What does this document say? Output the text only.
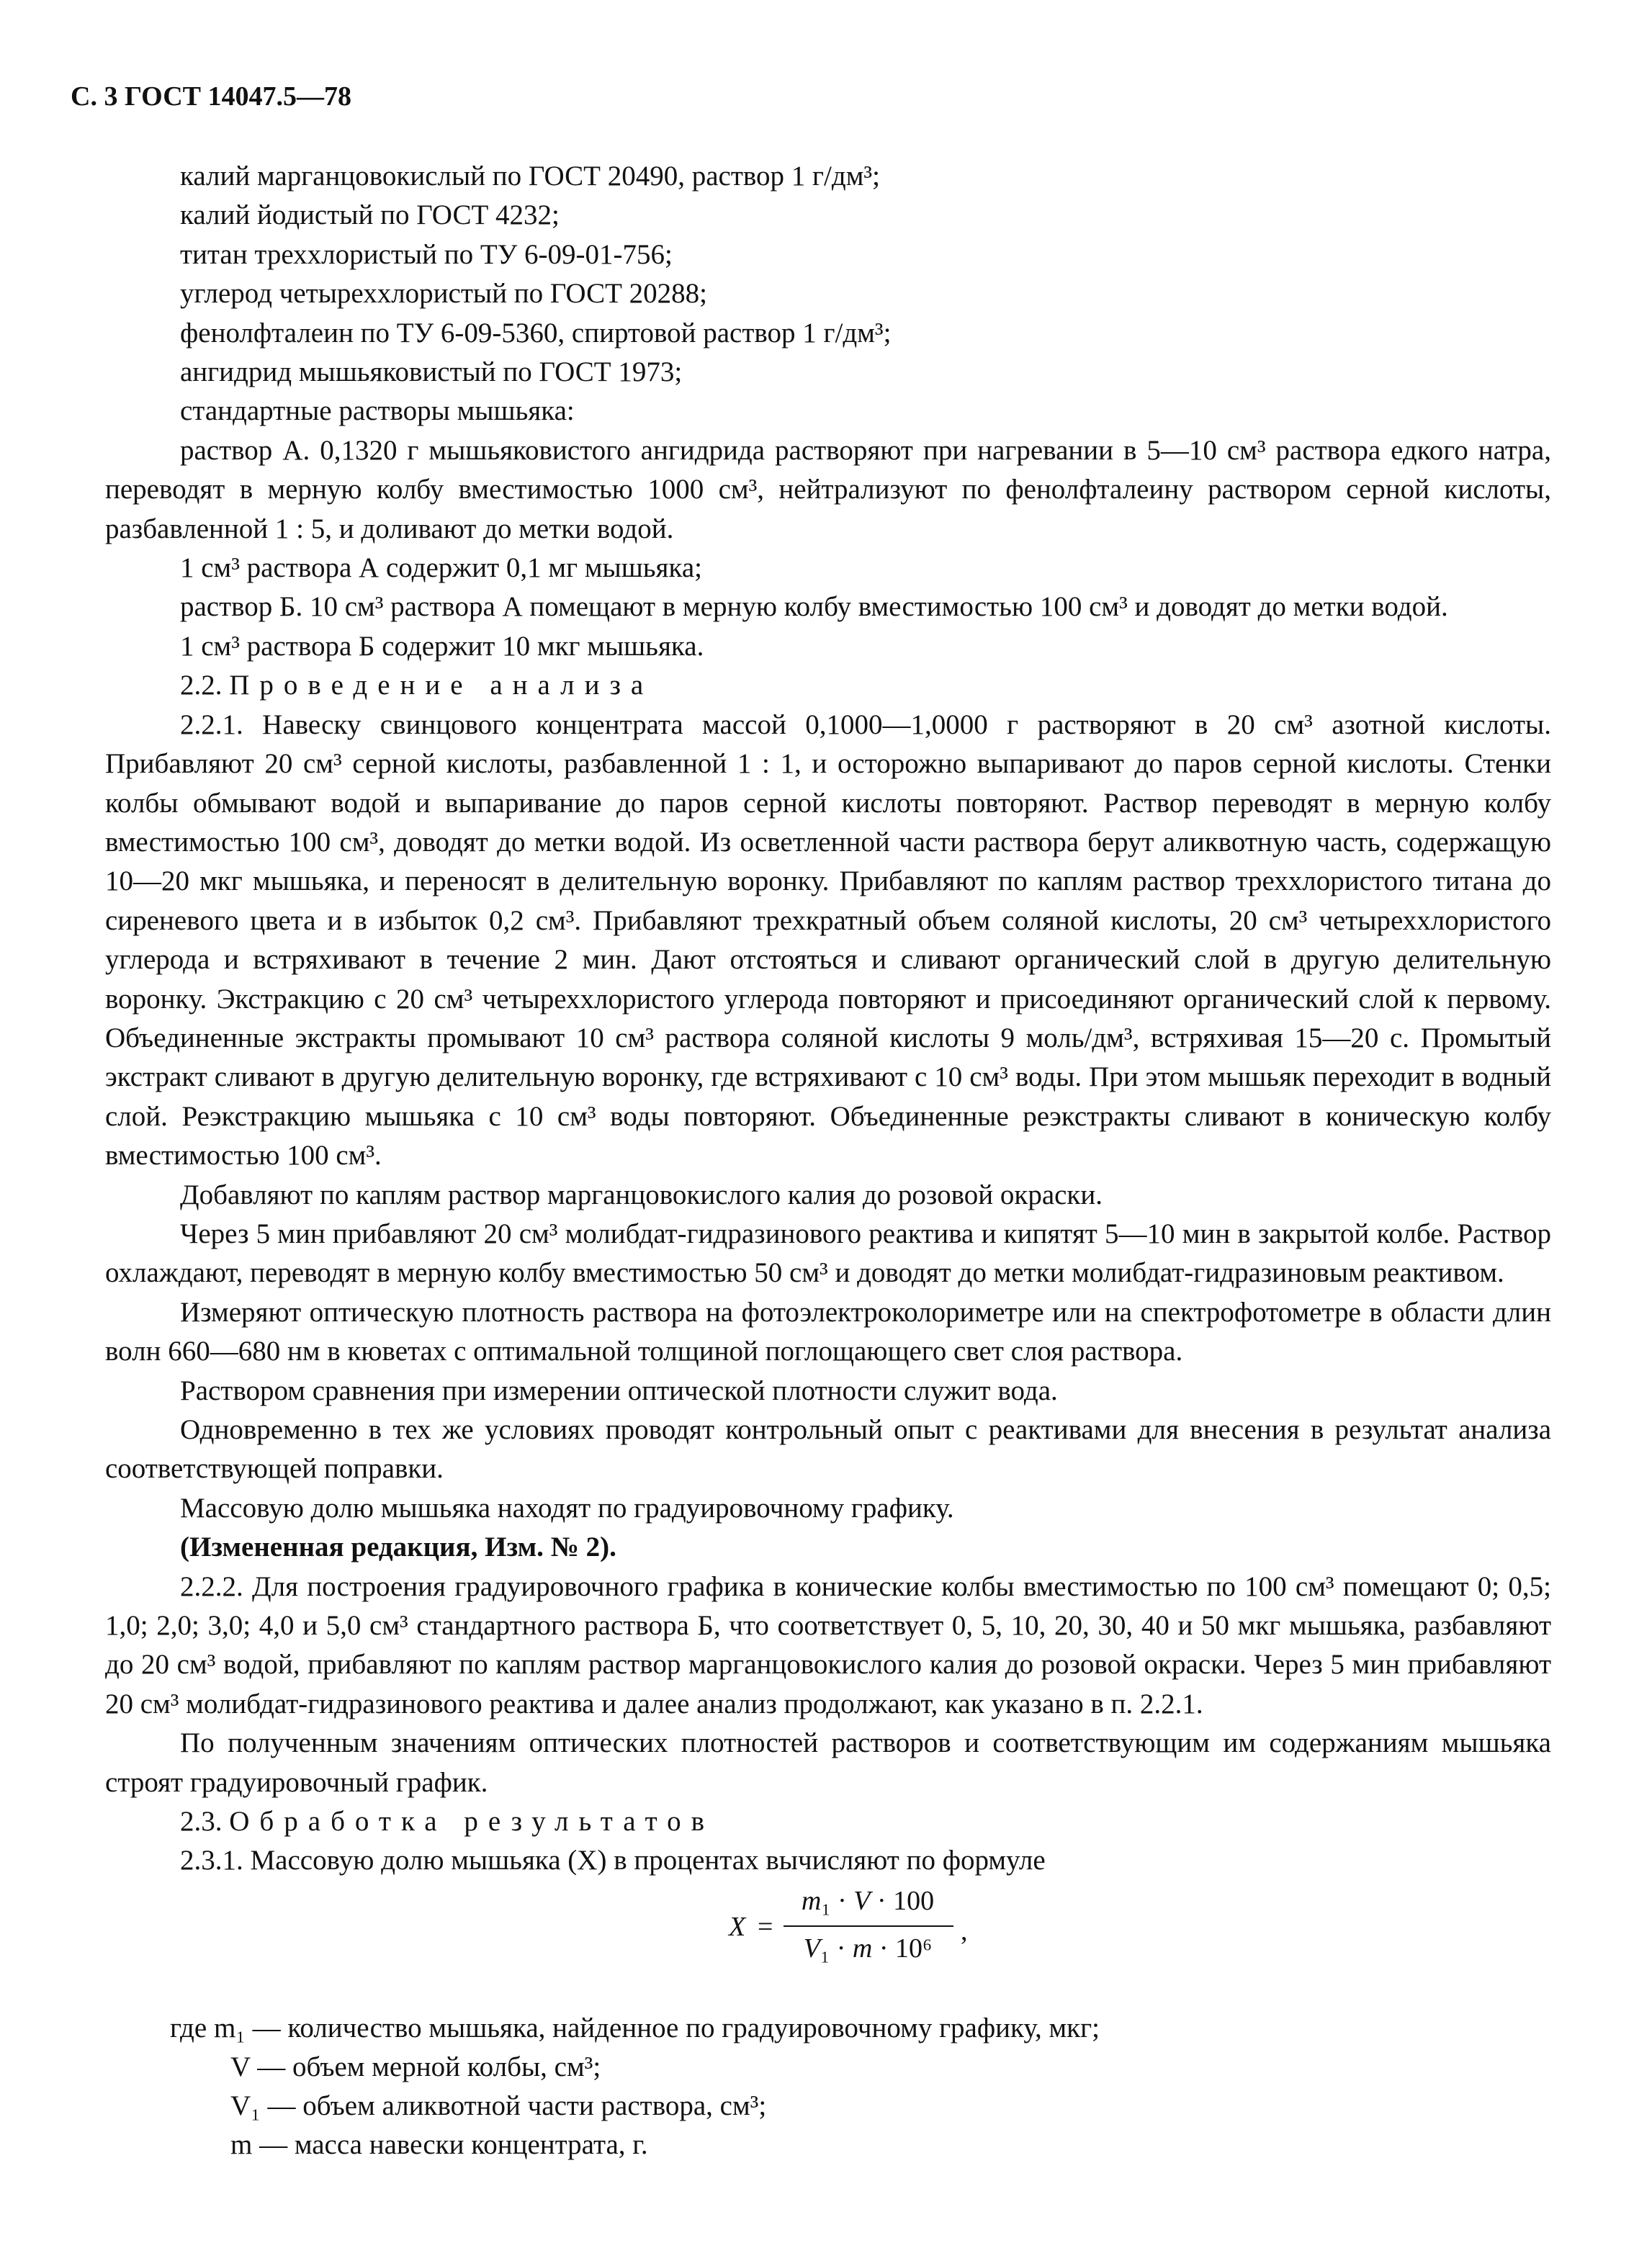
С. 3 ГОСТ 14047.5—78

калий марганцовокислый по ГОСТ 20490, раствор 1 г/дм³;

калий йодистый по ГОСТ 4232;

титан треххлористый по ТУ 6-09-01-756;

углерод четыреххлористый по ГОСТ 20288;

фенолфталеин по ТУ 6-09-5360, спиртовой раствор 1 г/дм³;

ангидрид мышьяковистый по ГОСТ 1973;

стандартные растворы мышьяка:

раствор А. 0,1320 г мышьяковистого ангидрида растворяют при нагревании в 5—10 см³ раствора едкого натра, переводят в мерную колбу вместимостью 1000 см³, нейтрализуют по фенолфталеину раствором серной кислоты, разбавленной 1 : 5, и доливают до метки водой.

1 см³ раствора А содержит 0,1 мг мышьяка;

раствор Б. 10 см³ раствора А помещают в мерную колбу вместимостью 100 см³ и доводят до метки водой.

1 см³ раствора Б содержит 10 мкг мышьяка.

2.2. Проведение анализа

2.2.1. Навеску свинцового концентрата массой 0,1000—1,0000 г растворяют в 20 см³ азотной кислоты. Прибавляют 20 см³ серной кислоты, разбавленной 1 : 1, и осторожно выпаривают до паров серной кислоты. Стенки колбы обмывают водой и выпаривание до паров серной кислоты повторяют. Раствор переводят в мерную колбу вместимостью 100 см³, доводят до метки водой. Из осветленной части раствора берут аликвотную часть, содержащую 10—20 мкг мышьяка, и переносят в делительную воронку. Прибавляют по каплям раствор треххлористого титана до сиреневого цвета и в избыток 0,2 см³. Прибавляют трехкратный объем соляной кислоты, 20 см³ четыреххлористого углерода и встряхивают в течение 2 мин. Дают отстояться и сливают органический слой в другую делительную воронку. Экстракцию с 20 см³ четыреххлористого углерода повторяют и присоединяют органический слой к первому. Объединенные экстракты промывают 10 см³ раствора соляной кислоты 9 моль/дм³, встряхивая 15—20 с. Промытый экстракт сливают в другую делительную воронку, где встряхивают с 10 см³ воды. При этом мышьяк переходит в водный слой. Реэкстракцию мышьяка с 10 см³ воды повторяют. Объединенные реэкстракты сливают в коническую колбу вместимостью 100 см³.

Добавляют по каплям раствор марганцовокислого калия до розовой окраски.

Через 5 мин прибавляют 20 см³ молибдат-гидразинового реактива и кипятят 5—10 мин в закрытой колбе. Раствор охлаждают, переводят в мерную колбу вместимостью 50 см³ и доводят до метки молибдат-гидразиновым реактивом.

Измеряют оптическую плотность раствора на фотоэлектроколориметре или на спектрофотометре в области длин волн 660—680 нм в кюветах с оптимальной толщиной поглощающего свет слоя раствора.

Раствором сравнения при измерении оптической плотности служит вода.

Одновременно в тех же условиях проводят контрольный опыт с реактивами для внесения в результат анализа соответствующей поправки.

Массовую долю мышьяка находят по градуировочному графику.

(Измененная редакция, Изм. № 2).

2.2.2. Для построения градуировочного графика в конические колбы вместимостью по 100 см³ помещают 0; 0,5; 1,0; 2,0; 3,0; 4,0 и 5,0 см³ стандартного раствора Б, что соответствует 0, 5, 10, 20, 30, 40 и 50 мкг мышьяка, разбавляют до 20 см³ водой, прибавляют по каплям раствор марганцовокислого калия до розовой окраски. Через 5 мин прибавляют 20 см³ молибдат-гидразинового реактива и далее анализ продолжают, как указано в п. 2.2.1.

По полученным значениям оптических плотностей растворов и соответствующим им содержаниям мышьяка строят градуировочный график.

2.3. Обработка результатов

2.3.1. Массовую долю мышьяка (X) в процентах вычисляют по формуле

X =
m₁ · V · 100
V₁ · m · 10⁶
,

где m₁ — количество мышьяка, найденное по градуировочному графику, мкг;

V — объем мерной колбы, см³;

V₁ — объем аликвотной части раствора, см³;

m — масса навески концентрата, г.
